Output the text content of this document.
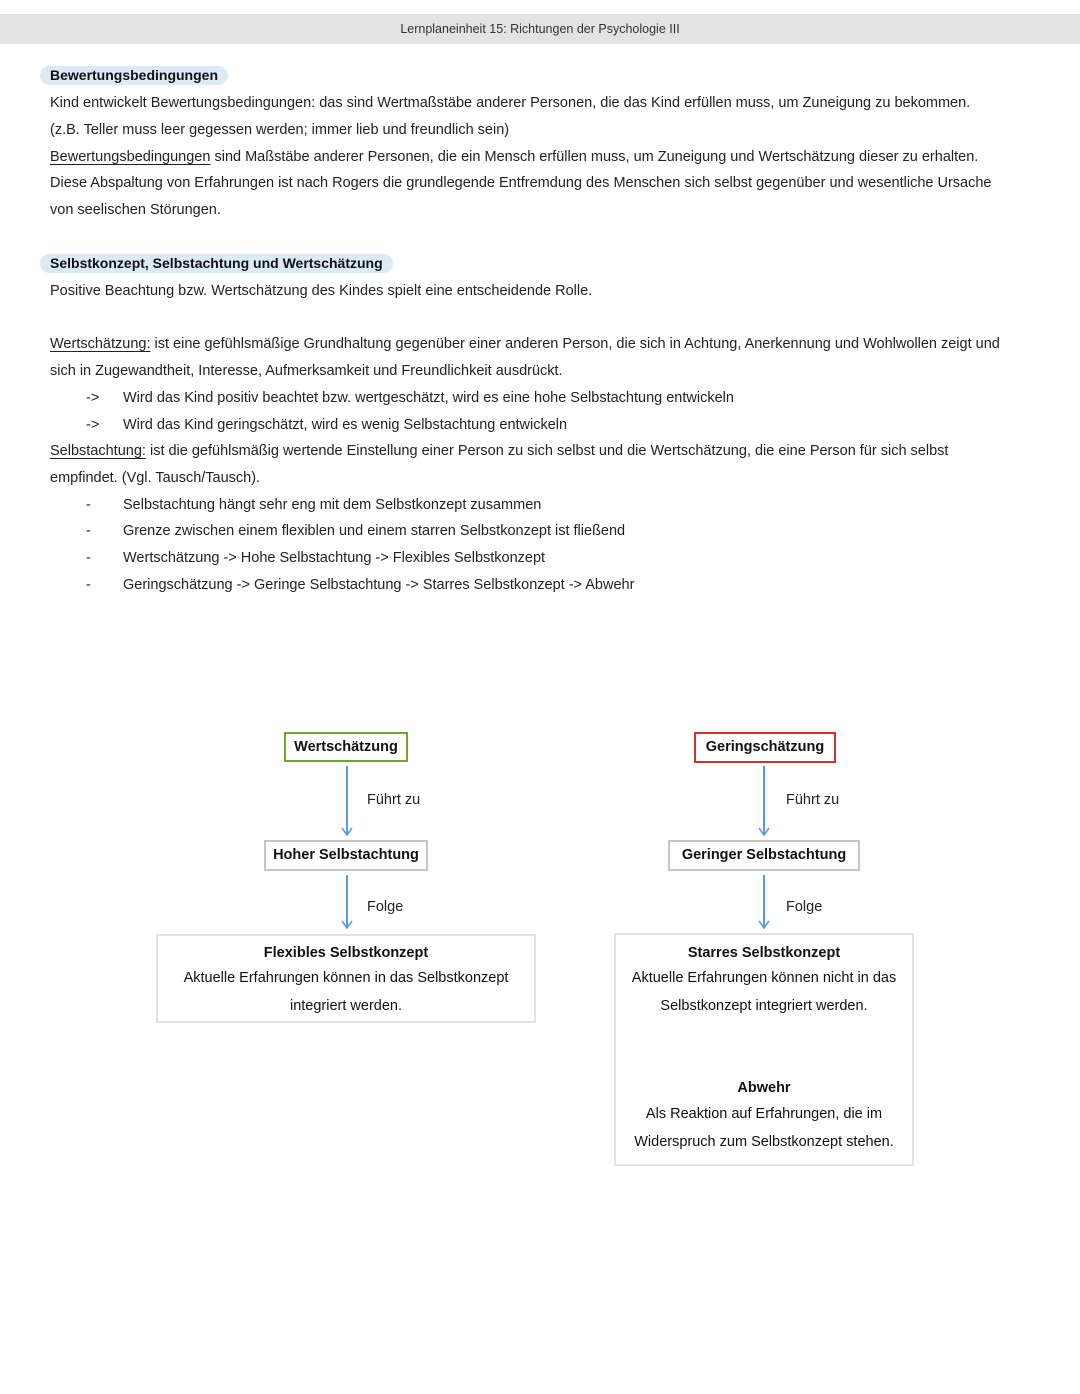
Lernplaneinheit 15: Richtungen der Psychologie III
Bewertungsbedingungen
Kind entwickelt Bewertungsbedingungen: das sind Wertmaßstäbe anderer Personen, die das Kind erfüllen muss, um Zuneigung zu bekommen.
(z.B. Teller muss leer gegessen werden; immer lieb und freundlich sein)
Bewertungsbedingungen sind Maßstäbe anderer Personen, die ein Mensch erfüllen muss, um Zuneigung und Wertschätzung dieser zu erhalten.
Diese Abspaltung von Erfahrungen ist nach Rogers die grundlegende Entfremdung des Menschen sich selbst gegenüber und wesentliche Ursache
von seelischen Störungen.
Selbstkonzept, Selbstachtung und Wertschätzung
Positive Beachtung bzw. Wertschätzung des Kindes spielt eine entscheidende Rolle.
Wertschätzung: ist eine gefühlsmäßige Grundhaltung gegenüber einer anderen Person, die sich in Achtung, Anerkennung und Wohlwollen zeigt und
sich in Zugewandtheit, Interesse, Aufmerksamkeit und Freundlichkeit ausdrückt.
-> Wird das Kind positiv beachtet bzw. wertgeschätzt, wird es eine hohe Selbstachtung entwickeln
-> Wird das Kind geringschätzt, wird es wenig Selbstachtung entwickeln
Selbstachtung: ist die gefühlsmäßig wertende Einstellung einer Person zu sich selbst und die Wertschätzung, die eine Person für sich selbst
empfindet. (Vgl. Tausch/Tausch).
- Selbstachtung hängt sehr eng mit dem Selbstkonzept zusammen
- Grenze zwischen einem flexiblen und einem starren Selbstkonzept ist fließend
- Wertschätzung -> Hohe Selbstachtung -> Flexibles Selbstkonzept
- Geringschätzung -> Geringe Selbstachtung -> Starres Selbstkonzept -> Abwehr
Wertschätzung
Führt zu
Hoher Selbstachtung
Folge
Flexibles Selbstkonzept
Aktuelle Erfahrungen können in das Selbstkonzept
integriert werden.
Geringschätzung
Führt zu
Geringer Selbstachtung
Folge
Starres Selbstkonzept
Aktuelle Erfahrungen können nicht in das
Selbstkonzept integriert werden.
Abwehr
Als Reaktion auf Erfahrungen, die im
Widerspruch zum Selbstkonzept stehen.
